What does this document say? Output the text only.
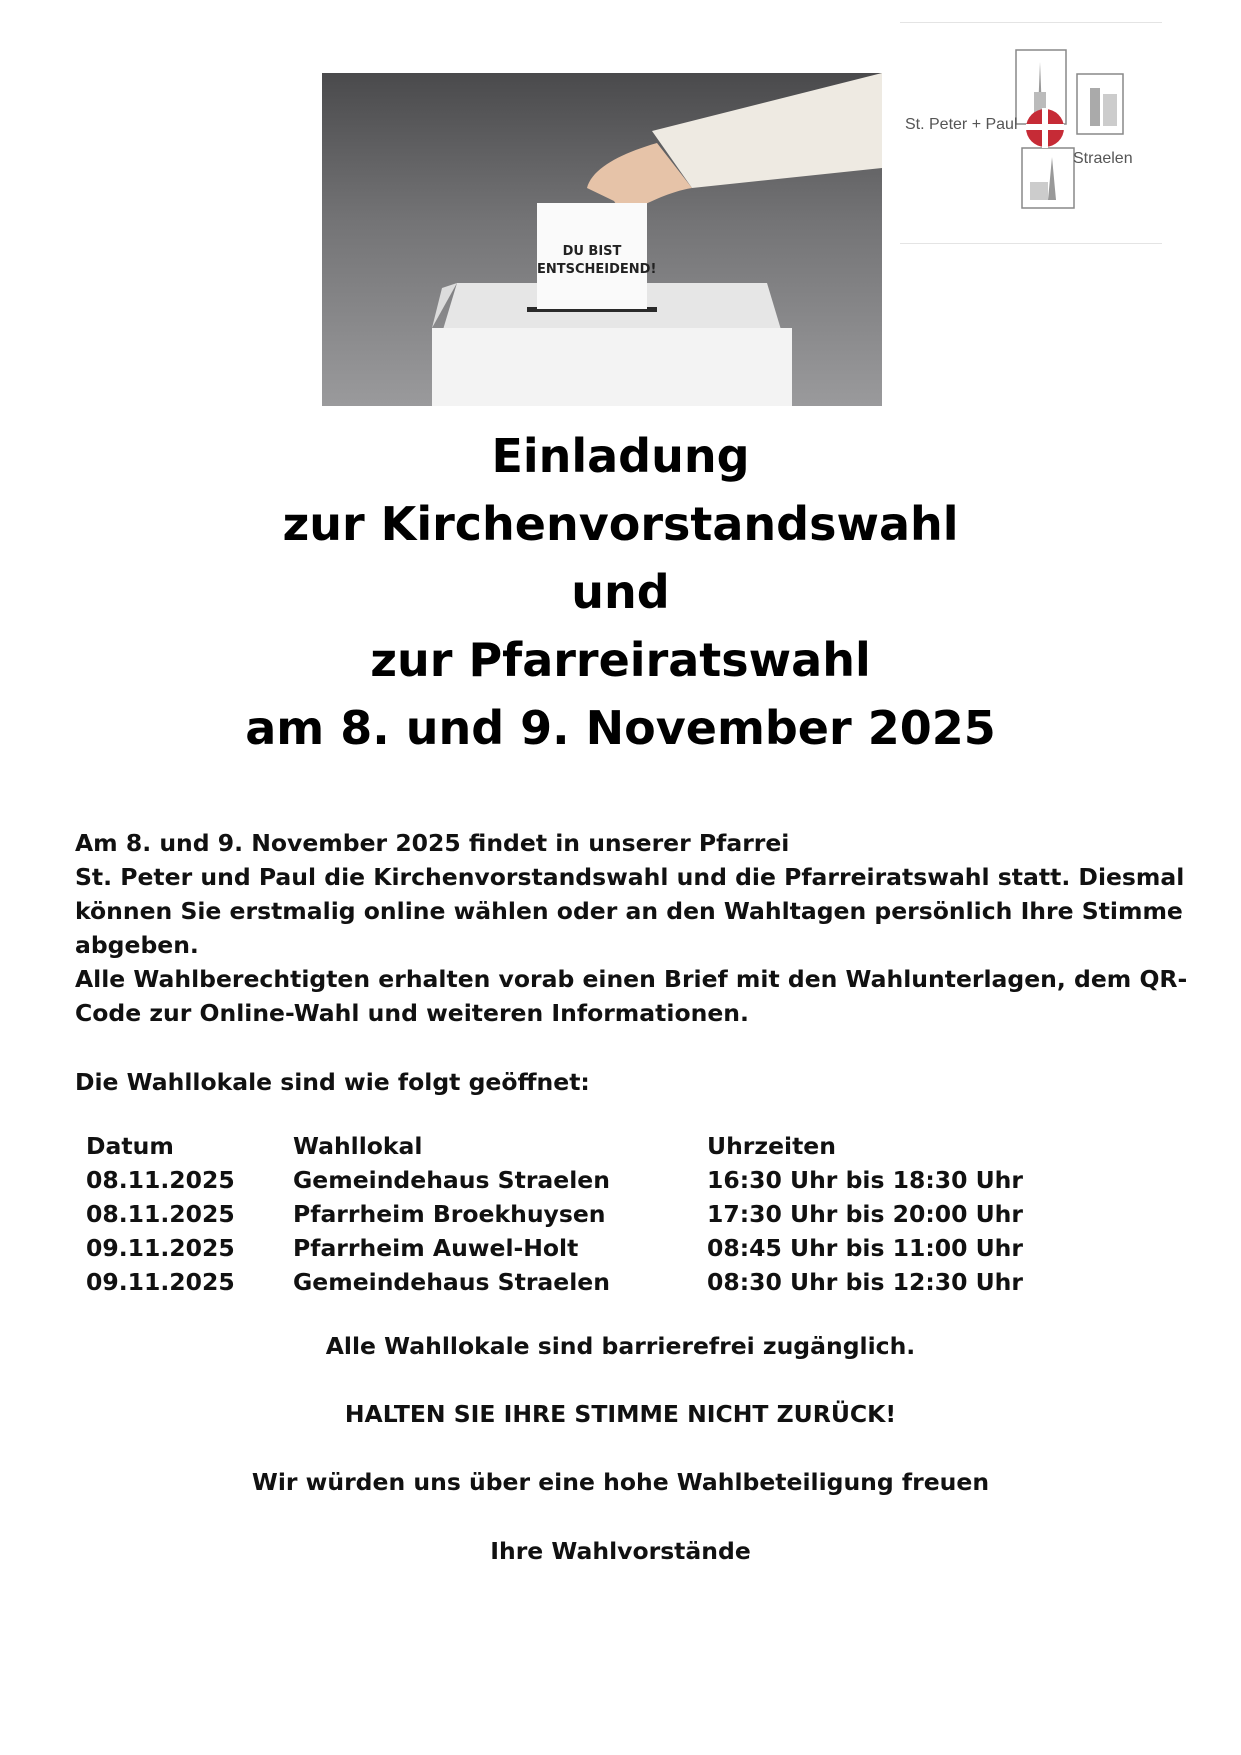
DU BIST
ENTSCHEIDEND!
St. Peter + Paul
Straelen
Einladung
zur Kirchenvorstandswahl
und
zur Pfarreiratswahl
am 8. und 9. November 2025

Am 8. und 9. November 2025 findet in unserer Pfarrei

St. Peter und Paul die Kirchenvorstandswahl und die Pfarreiratswahl statt. Diesmal

können Sie erstmalig online wählen oder an den Wahltagen persönlich Ihre Stimme

abgeben.

Alle Wahlberechtigten erhalten vorab einen Brief mit den Wahlunterlagen, dem QR-

Code zur Online-Wahl und weiteren Informationen.

Die Wahllokale sind wie folgt geöffnet:
Datum	Wahllokal	Uhrzeiten
08.11.2025 Gemeindehaus Straelen	16:30 Uhr bis 18:30 Uhr
08.11.2025 Pfarrheim Broekhuysen	17:30 Uhr bis 20:00 Uhr
09.11.2025 Pfarrheim Auwel-Holt	08:45 Uhr bis 11:00 Uhr
09.11.2025 Gemeindehaus Straelen	08:30 Uhr bis 12:30 Uhr
Alle Wahllokale sind barrierefrei zugänglich.
HALTEN SIE IHRE STIMME NICHT ZURÜCK!
Wir würden uns über eine hohe Wahlbeteiligung freuen
Ihre Wahlvorstände
